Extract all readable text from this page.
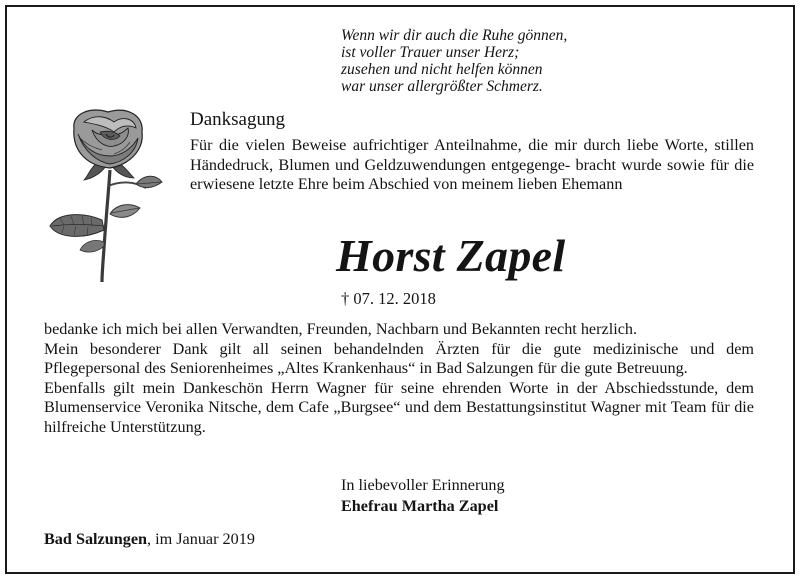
Wenn wir dir auch die Ruhe gönnen,
ist voller Trauer unser Herz;
zusehen und nicht helfen können
war unser allergrößter Schmerz.
Danksagung
Für die vielen Beweise aufrichtiger Anteilnahme, die mir durch liebe Worte, stillen Händedruck, Blumen und Geldzuwendungen entgegenge- bracht wurde sowie für die erwiesene letzte Ehre beim Abschied von meinem lieben Ehemann
Horst Zapel
† 07. 12. 2018
bedanke ich mich bei allen Verwandten, Freunden, Nachbarn und Bekannten recht herzlich.
Mein besonderer Dank gilt all seinen behandelnden Ärzten für die gute medizinische und dem Pflegepersonal des Seniorenheimes „Altes Krankenhaus“ in Bad Salzungen für die gute Betreuung.
Ebenfalls gilt mein Dankeschön Herrn Wagner für seine ehrenden Worte in der Abschiedsstunde, dem Blumenservice Veronika Nitsche, dem Cafe „Burgsee“ und dem Bestattungsinstitut Wagner mit Team für die hilfreiche Unterstützung.
In liebevoller Erinnerung
Ehefrau Martha Zapel
Bad Salzungen, im Januar 2019
